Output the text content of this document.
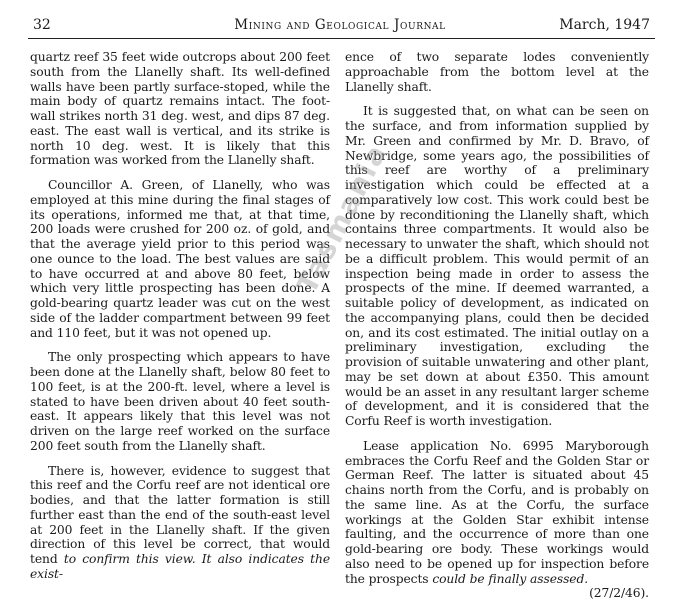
32	Mining and Geological Journal	March, 1947

quartz reef 35 feet wide outcrops about 200 feet south from the Llanelly shaft. Its well-defined walls have been partly surface-stoped, while the main body of quartz remains intact. The foot-wall strikes north 31 deg. west, and dips 87 deg. east. The east wall is vertical, and its strike is north 10 deg. west. It is likely that this formation was worked from the Llanelly shaft.

Councillor A. Green, of Llanelly, who was employed at this mine during the final stages of its operations, informed me that, at that time, 200 loads were crushed for 200 oz. of gold, and that the average yield prior to this period was one ounce to the load. The best values are said to have occurred at and above 80 feet, below which very little prospecting has been done. A gold-bearing quartz leader was cut on the west side of the ladder compartment between 99 feet and 110 feet, but it was not opened up.

The only prospecting which appears to have been done at the Llanelly shaft, below 80 feet to 100 feet, is at the 200-ft. level, where a level is stated to have been driven about 40 feet south-east. It appears likely that this level was not driven on the large reef worked on the surface 200 feet south from the Llanelly shaft.

There is, however, evidence to suggest that this reef and the Corfu reef are not identical ore bodies, and that the latter formation is still further east than the end of the south-east level at 200 feet in the Llanelly shaft. If the given direction of this level be correct, that would tend to confirm this view. It also indicates the exist-

ence of two separate lodes conveniently approachable from the bottom level at the Llanelly shaft.

It is suggested that, on what can be seen on the surface, and from information supplied by Mr. Green and confirmed by Mr. D. Bravo, of Newbridge, some years ago, the possibilities of this reef are worthy of a preliminary investigation which could be effected at a comparatively low cost. This work could best be done by reconditioning the Llanelly shaft, which contains three compartments. It would also be necessary to unwater the shaft, which should not be a difficult problem. This would permit of an inspection being made in order to assess the prospects of the mine. If deemed warranted, a suitable policy of development, as indicated on the accompanying plans, could then be decided on, and its cost estimated. The initial outlay on a preliminary investigation, excluding the provision of suitable unwatering and other plant, may be set down at about £350. This amount would be an asset in any resultant larger scheme of development, and it is considered that the Corfu Reef is worth investigation.

Lease application No. 6995 Maryborough embraces the Corfu Reef and the Golden Star or German Reef. The latter is situated about 45 chains north from the Corfu, and is probably on the same line. As at the Corfu, the surface workings at the Golden Star exhibit intense faulting, and the occurrence of more than one gold-bearing ore body. These workings would also need to be opened up for inspection before the prospects could be finally assessed.
(27/2/46).

Tasmania
